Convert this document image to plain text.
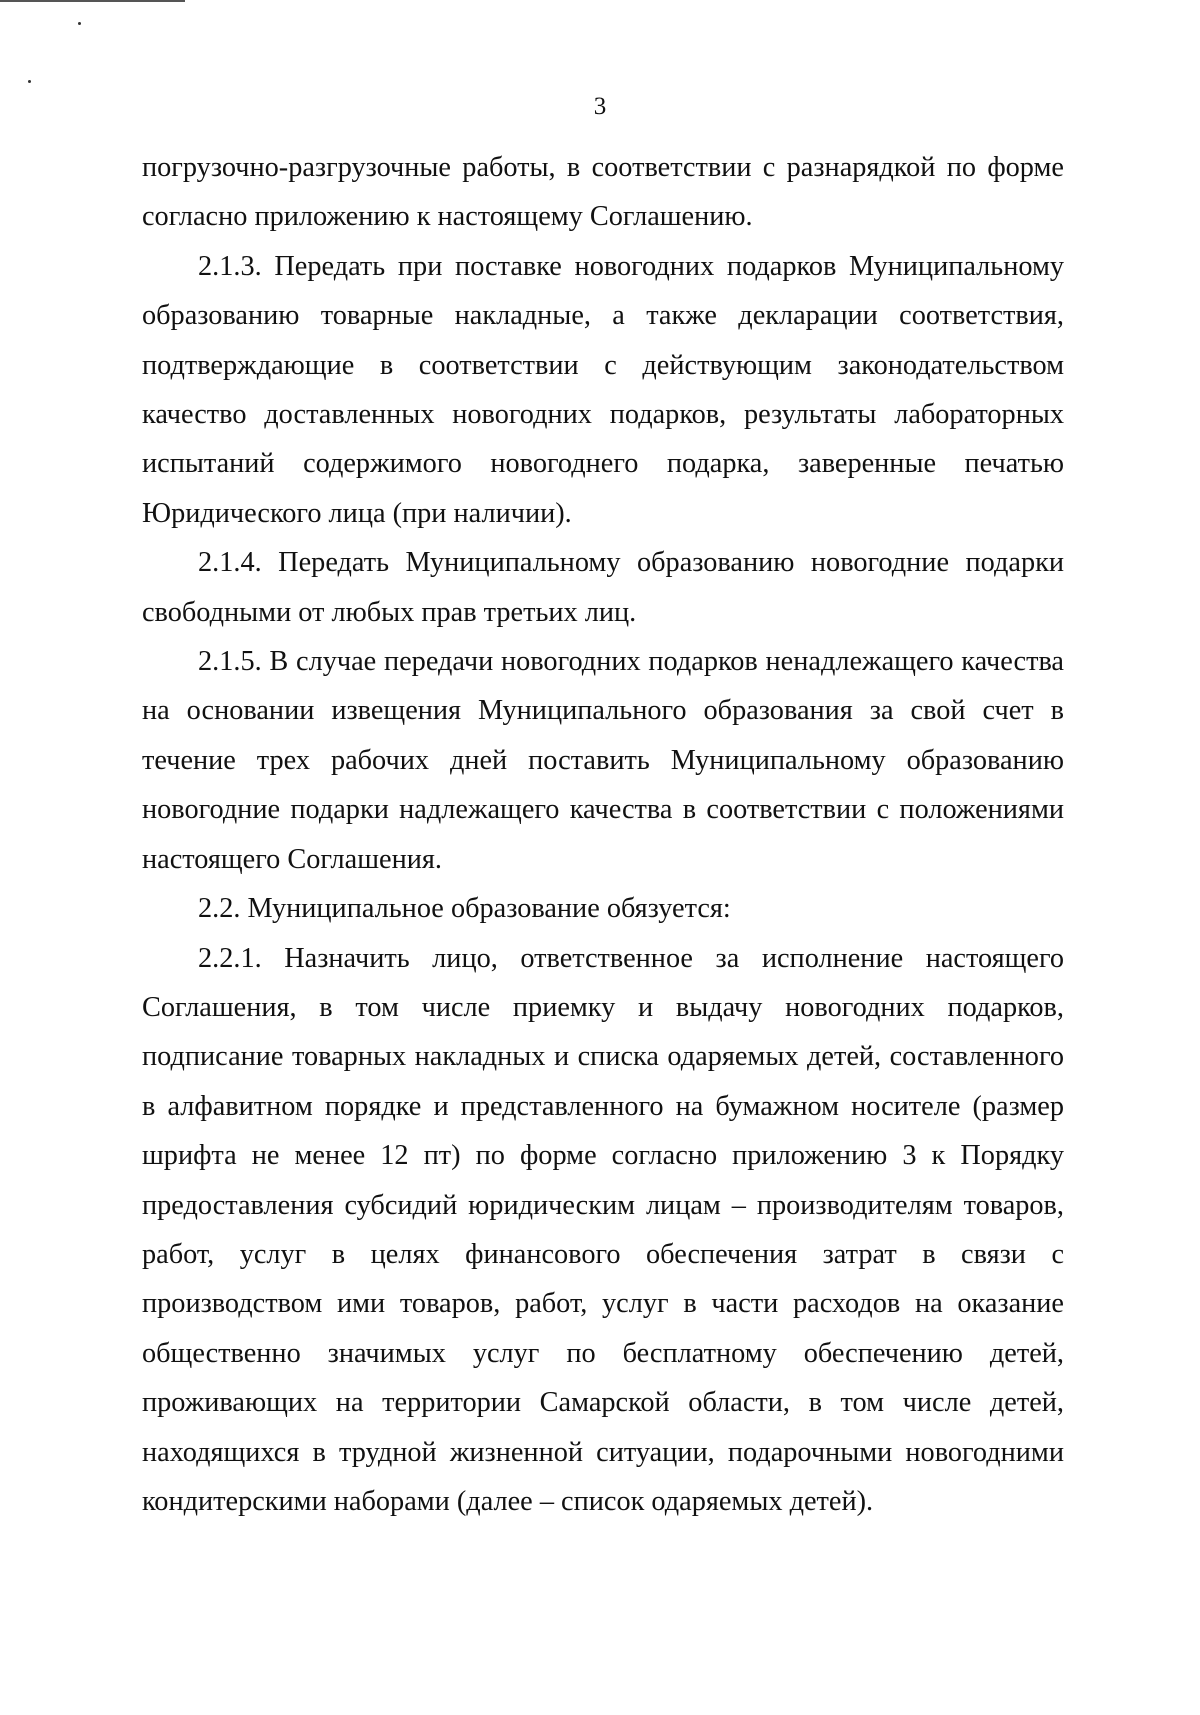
3

погрузочно-разгрузочные работы, в соответствии с разнарядкой по форме согласно приложению к настоящему Соглашению.

2.1.3. Передать при поставке новогодних подарков Муниципальному образованию товарные накладные, а также декларации соответствия, подтверждающие в соответствии с действующим законодательством качество доставленных новогодних подарков, результаты лабораторных испытаний содержимого новогоднего подарка, заверенные печатью Юридического лица (при наличии).

2.1.4. Передать Муниципальному образованию новогодние подарки свободными от любых прав третьих лиц.

2.1.5. В случае передачи новогодних подарков ненадлежащего качества на основании извещения Муниципального образования за свой счет в течение трех рабочих дней поставить Муниципальному образованию новогодние подарки надлежащего качества в соответствии с положениями настоящего Соглашения.

2.2. Муниципальное образование обязуется:

2.2.1. Назначить лицо, ответственное за исполнение настоящего Соглашения, в том числе приемку и выдачу новогодних подарков, подписание товарных накладных и списка одаряемых детей, составленного в алфавитном порядке и представленного на бумажном носителе (размер шрифта не менее 12 пт) по форме согласно приложению 3 к Порядку предоставления субсидий юридическим лицам – производителям товаров, работ, услуг в целях финансового обеспечения затрат в связи с производством ими товаров, работ, услуг в части расходов на оказание общественно значимых услуг по бесплатному обеспечению детей, проживающих на территории Самарской области, в том числе детей, находящихся в трудной жизненной ситуации, подарочными новогодними кондитерскими наборами (далее – список одаряемых детей).
